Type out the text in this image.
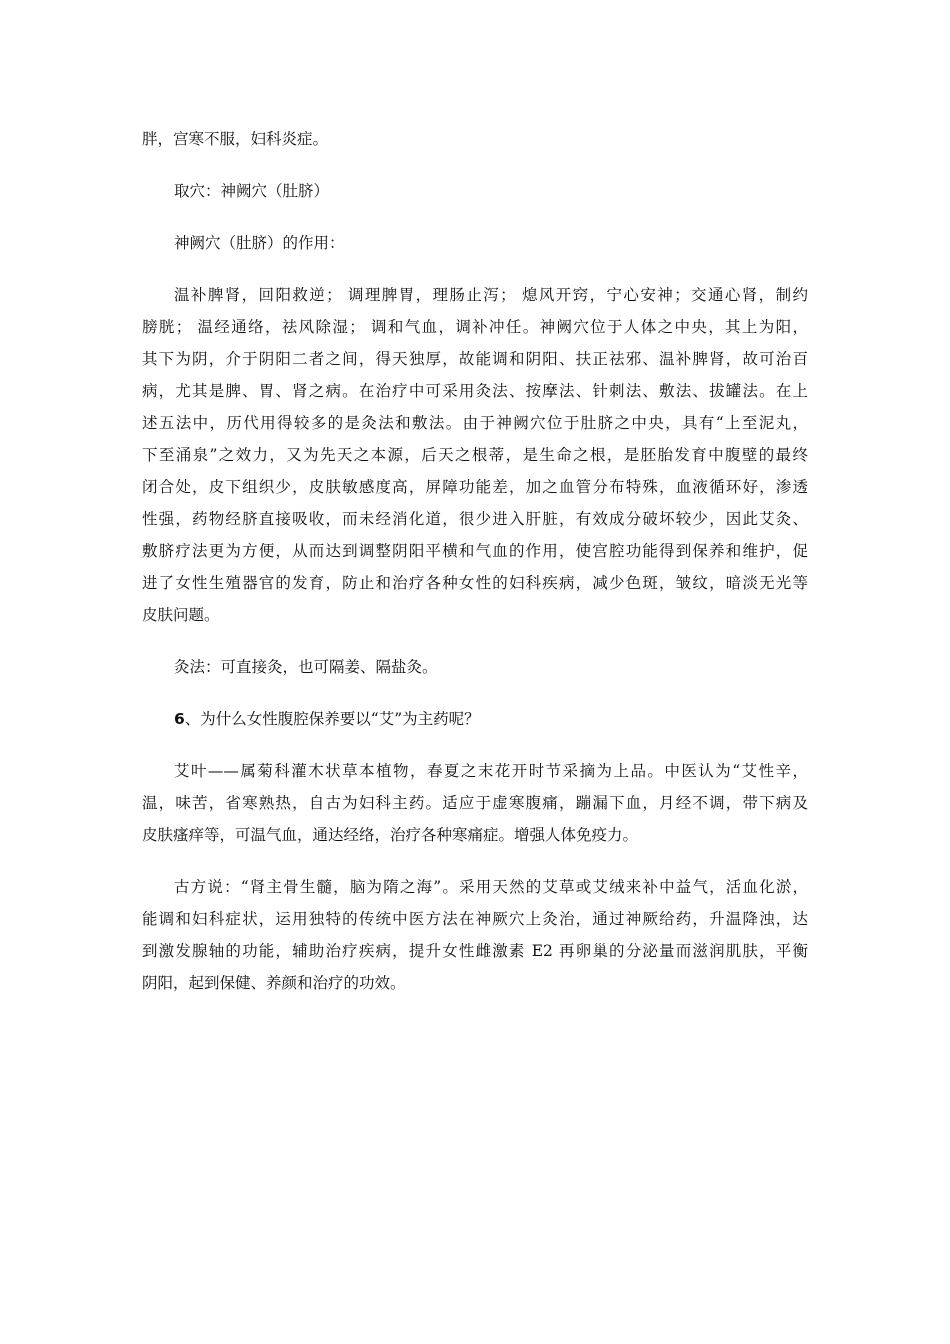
胖，宫寒不服，妇科炎症。
取穴：神阙穴（肚脐）
神阙穴（肚脐）的作用：
温补脾肾，回阳救逆； 调理脾胃，理肠止泻； 熄风开窍，宁心安神；交通心肾，制约
膀胱； 温经通络，祛风除湿； 调和气血，调补冲任。神阙穴位于人体之中央，其上为阳，
其下为阴，介于阴阳二者之间，得天独厚，故能调和阴阳、扶正祛邪、温补脾肾，故可治百
病，尤其是脾、胃、肾之病。在治疗中可采用灸法、按摩法、针刺法、敷法、拔罐法。在上
述五法中，历代用得较多的是灸法和敷法。由于神阙穴位于肚脐之中央，具有“上至泥丸，
下至涌泉”之效力，又为先天之本源，后天之根蒂，是生命之根，是胚胎发育中腹壁的最终
闭合处，皮下组织少，皮肤敏感度高，屏障功能差，加之血管分布特殊，血液循环好，渗透
性强，药物经脐直接吸收，而未经消化道，很少进入肝脏，有效成分破坏较少，因此艾灸、
敷脐疗法更为方便，从而达到调整阴阳平横和气血的作用，使宫腔功能得到保养和维护，促
进了女性生殖器官的发育，防止和治疗各种女性的妇科疾病，减少色斑，皱纹，暗淡无光等
皮肤问题。
灸法：可直接灸，也可隔姜、隔盐灸。
6、为什么女性腹腔保养要以“艾”为主药呢？
艾叶——属菊科灌木状草本植物，春夏之末花开时节采摘为上品。中医认为“艾性辛，
温，味苦，省寒熟热，自古为妇科主药。适应于虚寒腹痛，蹦漏下血，月经不调，带下病及
皮肤瘙痒等，可温气血，通达经络，治疗各种寒痛症。增强人体免疫力。
古方说：“肾主骨生髓，脑为隋之海”。采用天然的艾草或艾绒来补中益气，活血化淤，
能调和妇科症状，运用独特的传统中医方法在神厥穴上灸治，通过神厥给药，升温降浊，达
到激发腺轴的功能，辅助治疗疾病，提升女性雌激素 E2 再卵巢的分泌量而滋润肌肤，平衡
阴阳，起到保健、养颜和治疗的功效。
